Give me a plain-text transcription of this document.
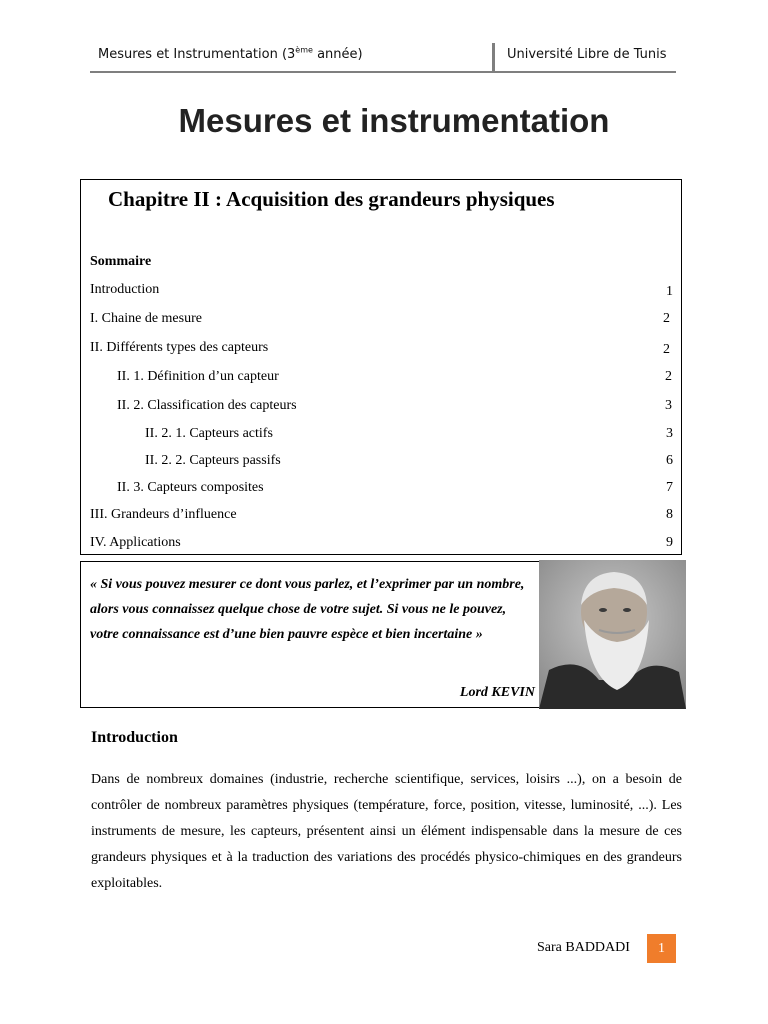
Mesures et Instrumentation (3ème année)	Université Libre de Tunis
Mesures et instrumentation
Chapitre II : Acquisition des grandeurs physiques
Sommaire
Introduction	1
I. Chaine de mesure	2
II. Différents types des capteurs	2
II. 1. Définition d’un capteur	2
II. 2. Classification des capteurs	3
II. 2. 1. Capteurs actifs	3
II. 2. 2. Capteurs passifs	6
II. 3. Capteurs composites	7
III. Grandeurs d’influence	8
IV. Applications	9
« Si vous pouvez mesurer ce dont vous parlez, et l’exprimer par un nombre, alors vous connaissez quelque chose de votre sujet. Si vous ne le pouvez, votre connaissance est d’une bien pauvre espèce et bien incertaine »
Lord KEVIN
Introduction
Dans de nombreux domaines (industrie, recherche scientifique, services, loisirs ...), on a besoin de contrôler de nombreux paramètres physiques (température, force, position, vitesse, luminosité, ...). Les instruments de mesure, les capteurs, présentent ainsi un élément indispensable dans la mesure de ces grandeurs physiques et à la traduction des variations des procédés physico-chimiques en des grandeurs exploitables.
Sara BADDADI	1
